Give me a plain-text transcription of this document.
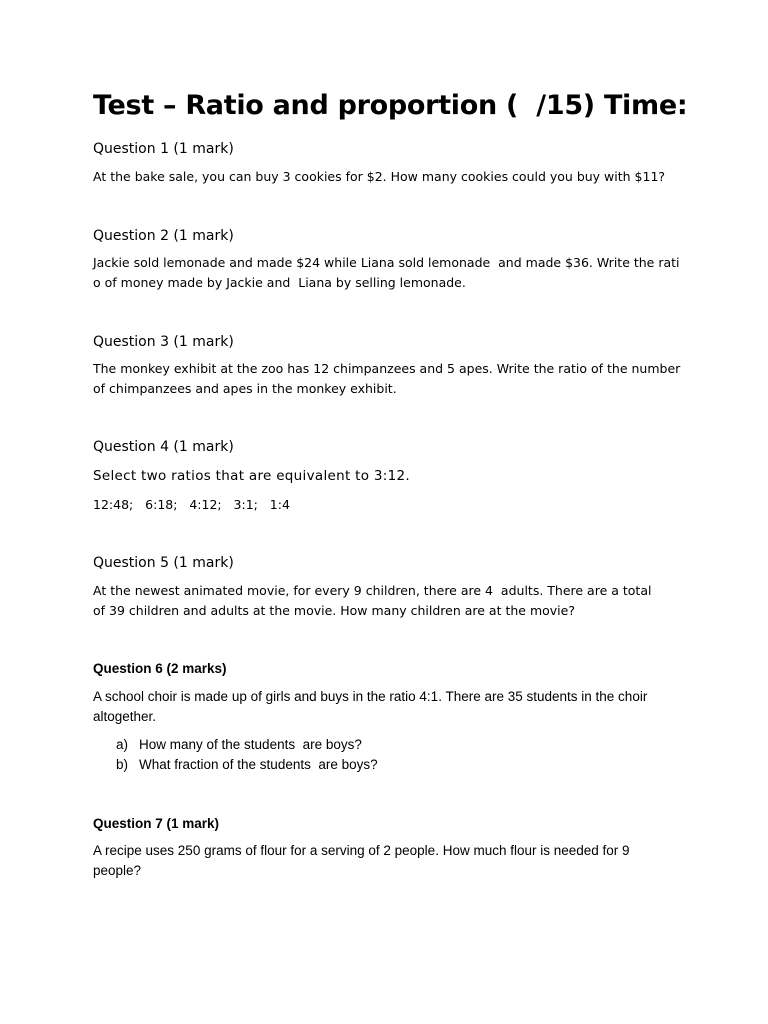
Test – Ratio and proportion (  /15) Time:

Question 1 (1 mark)

At the bake sale, you can buy 3 cookies for $2. How many cookies could you buy with $11?

Question 2 (1 mark)

Jackie sold lemonade and made $24 while Liana sold lemonade  and made $36. Write the rati

o of money made by Jackie and  Liana by selling lemonade.

Question 3 (1 mark)

The monkey exhibit at the zoo has 12 chimpanzees and 5 apes. Write the ratio of the number

of chimpanzees and apes in the monkey exhibit.

Question 4 (1 mark)

Select two ratios that are equivalent to 3:12.

12:48;   6:18;   4:12;   3:1;   1:4

Question 5 (1 mark)

At the newest animated movie, for every 9 children, there are 4  adults. There are a total

of 39 children and adults at the movie. How many children are at the movie?

Question 6 (2 marks)

A school choir is made up of girls and buys in the ratio 4:1. There are 35 students in the choir

altogether.

a) How many of the students  are boys?
b) What fraction of the students  are boys?

Question 7 (1 mark)

A recipe uses 250 grams of flour for a serving of 2 people. How much flour is needed for 9

people?
